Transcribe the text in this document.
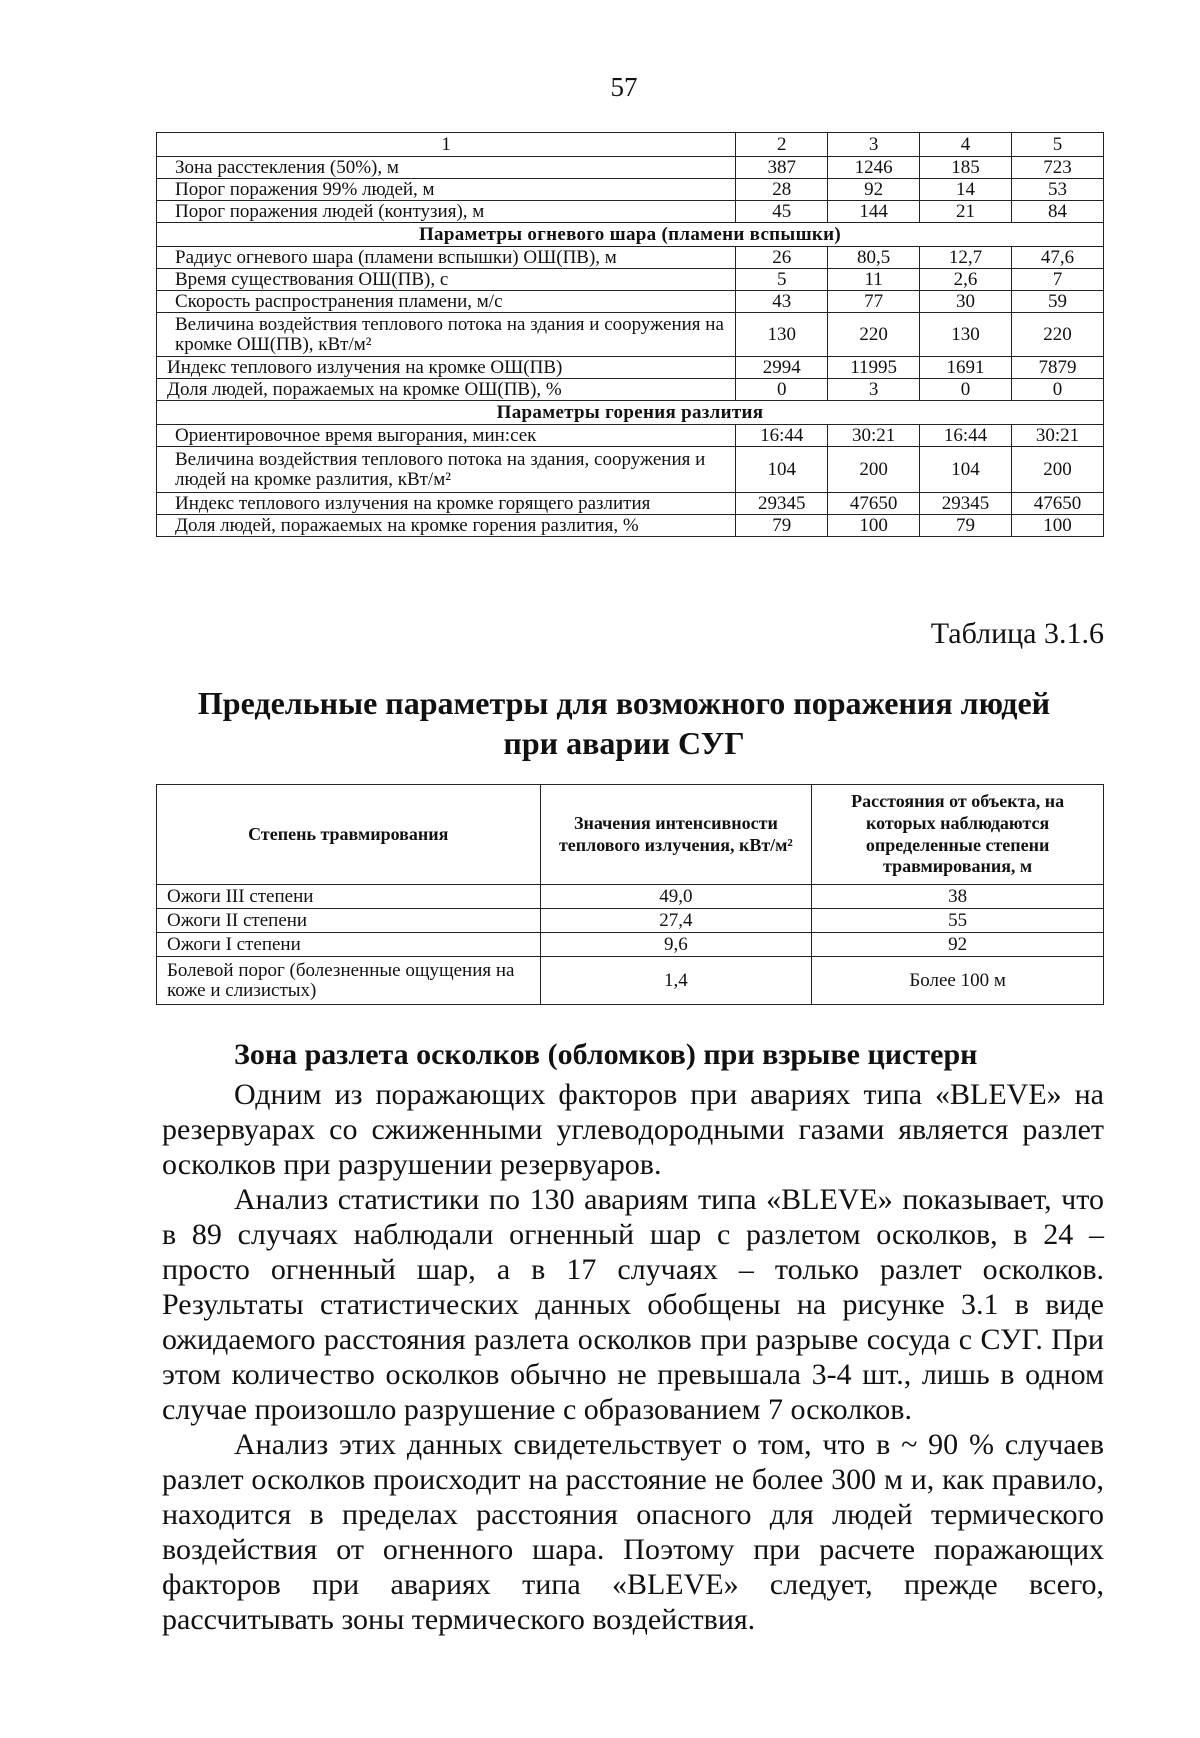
57
1	2	3	4	5
Зона расстекления (50%), м	387	1246	185	723
Порог поражения 99% людей, м	28	92	14	53
Порог поражения людей (контузия), м	45	144	21	84
Параметры огневого шара (пламени вспышки)				
Радиус огневого шара (пламени вспышки) ОШ(ПВ), м	26	80,5	12,7	47,6
Время существования ОШ(ПВ), с	5	11	2,6	7
Скорость распространения пламени, м/с	43	77	30	59
Величина воздействия теплового потока на здания и сооружения на кромке ОШ(ПВ), кВт/м²	130	220	130	220
Индекс теплового излучения на кромке ОШ(ПВ)	2994	11995	1691	7879
Доля людей, поражаемых на кромке ОШ(ПВ), %	0	3	0	0
Параметры горения разлития				
Ориентировочное время выгорания, мин:сек	16:44	30:21	16:44	30:21
Величина воздействия теплового потока на здания, сооружения и людей на кромке разлития, кВт/м²	104	200	104	200
Индекс теплового излучения на кромке горящего разлития	29345	47650	29345	47650
Доля людей, поражаемых на кромке горения разлития, %	79	100	79	100
Таблица 3.1.6
Предельные параметры для возможного поражения людей
при аварии СУГ
Степень травмирования	Значения интенсивности теплового излучения, кВт/м²	Расстояния от объекта, на которых наблюдаются определенные степени травмирования, м
Ожоги III степени	49,0	38
Ожоги II степени	27,4	55
Ожоги I степени	9,6	92
Болевой порог (болезненные ощущения на коже и слизистых)	1,4	Более 100 м
Зона разлета осколков (обломков) при взрыве цистерн

Одним из поражающих факторов при авариях типа «BLEVE» на резервуарах со сжиженными углеводородными газами является разлет осколков при разрушении резервуаров.

Анализ статистики по 130 авариям типа «BLEVE» показывает, что в 89 случаях наблюдали огненный шар с разлетом осколков, в 24 – просто огненный шар, а в 17 случаях – только разлет осколков. Результаты статистических данных обобщены на рисунке 3.1 в виде ожидаемого расстояния разлета осколков при разрыве сосуда с СУГ. При этом количество осколков обычно не превышала 3-4 шт., лишь в одном случае произошло разрушение с образованием 7 осколков.

Анализ этих данных свидетельствует о том, что в ~ 90 % случаев разлет осколков происходит на расстояние не более 300 м и, как правило, находится в пределах расстояния опасного для людей термического воздействия от огненного шара. Поэтому при расчете поражающих факторов при авариях типа «BLEVE» следует, прежде всего, рассчитывать зоны термического воздействия.
